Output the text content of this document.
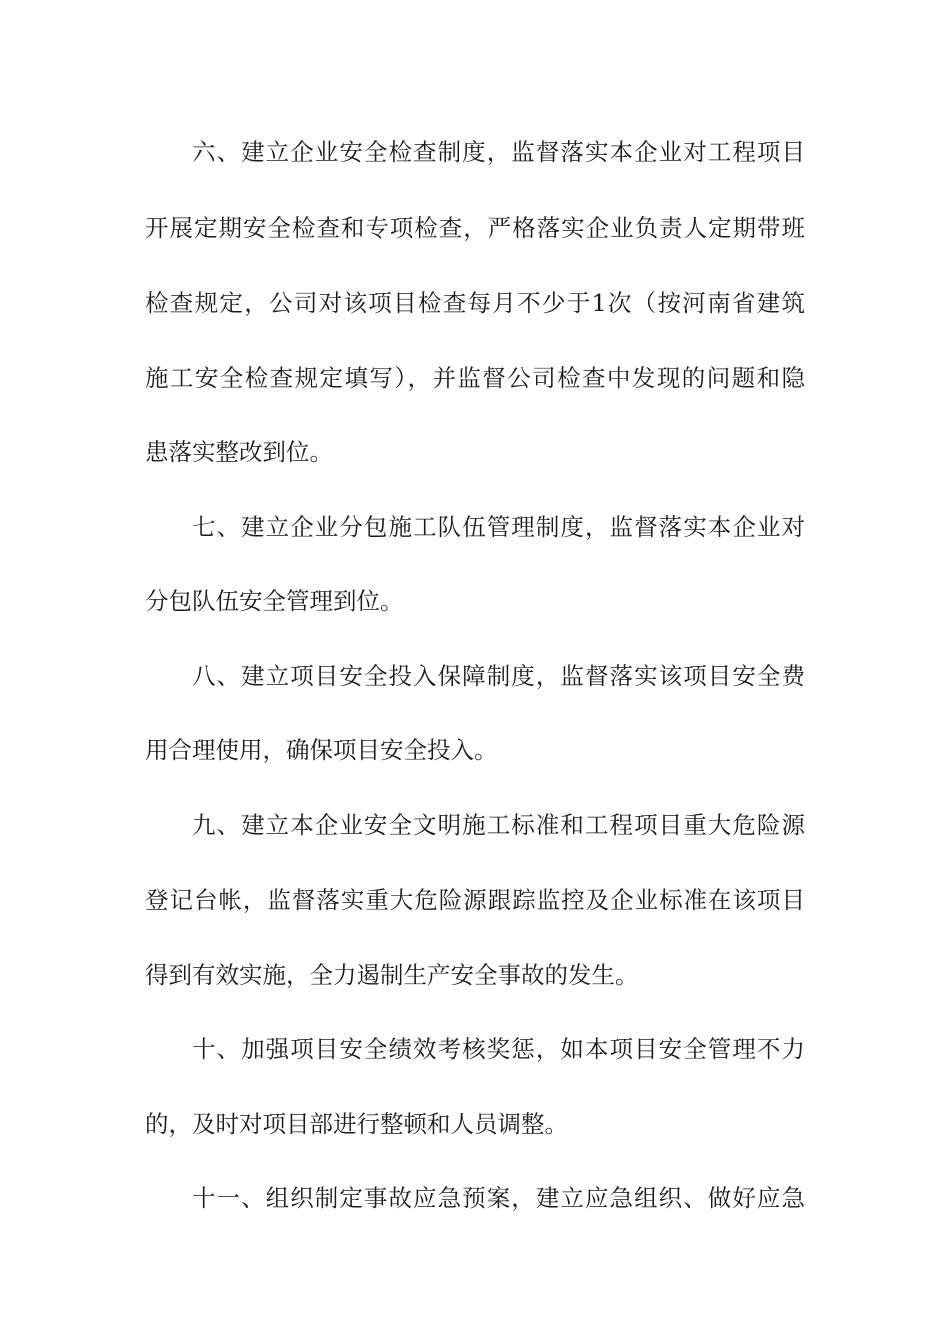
六、建立企业安全检查制度，监督落实本企业对工程项目
开展定期安全检查和专项检查，严格落实企业负责人定期带班
检查规定，公司对该项目检查每月不少于1次（按河南省建筑
施工安全检查规定填写），并监督公司检查中发现的问题和隐
患落实整改到位。
七、建立企业分包施工队伍管理制度，监督落实本企业对
分包队伍安全管理到位。
八、建立项目安全投入保障制度，监督落实该项目安全费
用合理使用，确保项目安全投入。
九、建立本企业安全文明施工标准和工程项目重大危险源
登记台帐，监督落实重大危险源跟踪监控及企业标准在该项目
得到有效实施，全力遏制生产安全事故的发生。
十、加强项目安全绩效考核奖惩，如本项目安全管理不力
的，及时对项目部进行整顿和人员调整。
十一、组织制定事故应急预案，建立应急组织、做好应急
